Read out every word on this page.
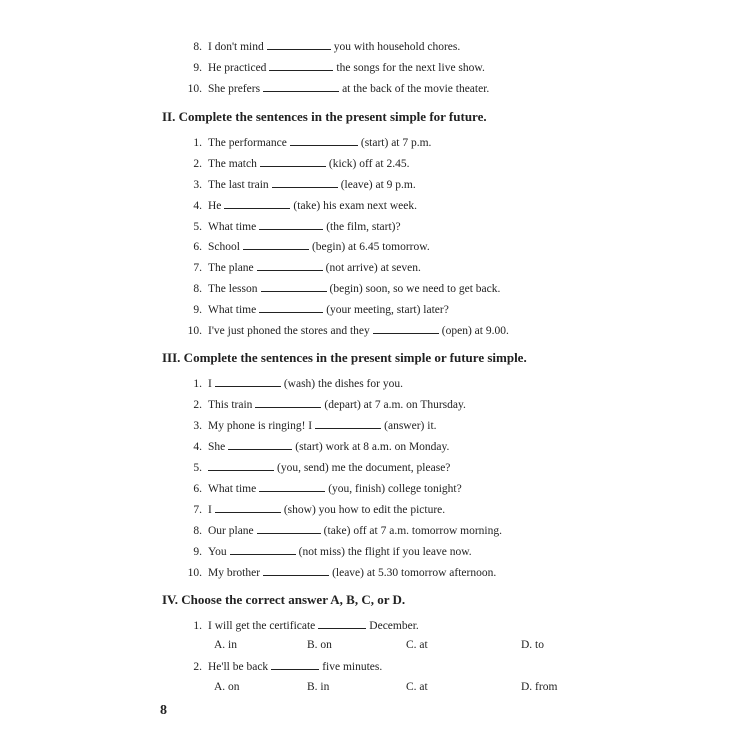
8. I don't mind	you with household chores.
9. He practiced	the songs for the next live show.
10. She prefers	at the back of the movie theater.
II. Complete the sentences in the present simple for future.
1. The performance	(start) at 7 p.m.
2. The match	(kick) off at 2.45.
3. The last train	(leave) at 9 p.m.
4. He	(take) his exam next week.
5. What time	(the film, start)?
6. School	(begin) at 6.45 tomorrow.
7. The plane	(not arrive) at seven.
8. The lesson	(begin) soon, so we need to get back.
9. What time	(your meeting, start) later?
10. I've just phoned the stores and they	(open) at 9.00.
III. Complete the sentences in the present simple or future simple.
1. I	(wash) the dishes for you.
2. This train	(depart) at 7 a.m. on Thursday.
3. My phone is ringing! I	(answer) it.
4. She	(start) work at 8 a.m. on Monday.
5.	(you, send) me the document, please?
6. What time	(you, finish) college tonight?
7. I	(show) you how to edit the picture.
8. Our plane	(take) off at 7 a.m. tomorrow morning.
9. You	(not miss) the flight if you leave now.
10. My brother	(leave) at 5.30 tomorrow afternoon.
IV. Choose the correct answer A, B, C, or D.
1. I will get the certificate	December.
A. in	B. on	C. at	D. to
2. He'll be back	five minutes.
A. on	B. in	C. at	D. from
8
